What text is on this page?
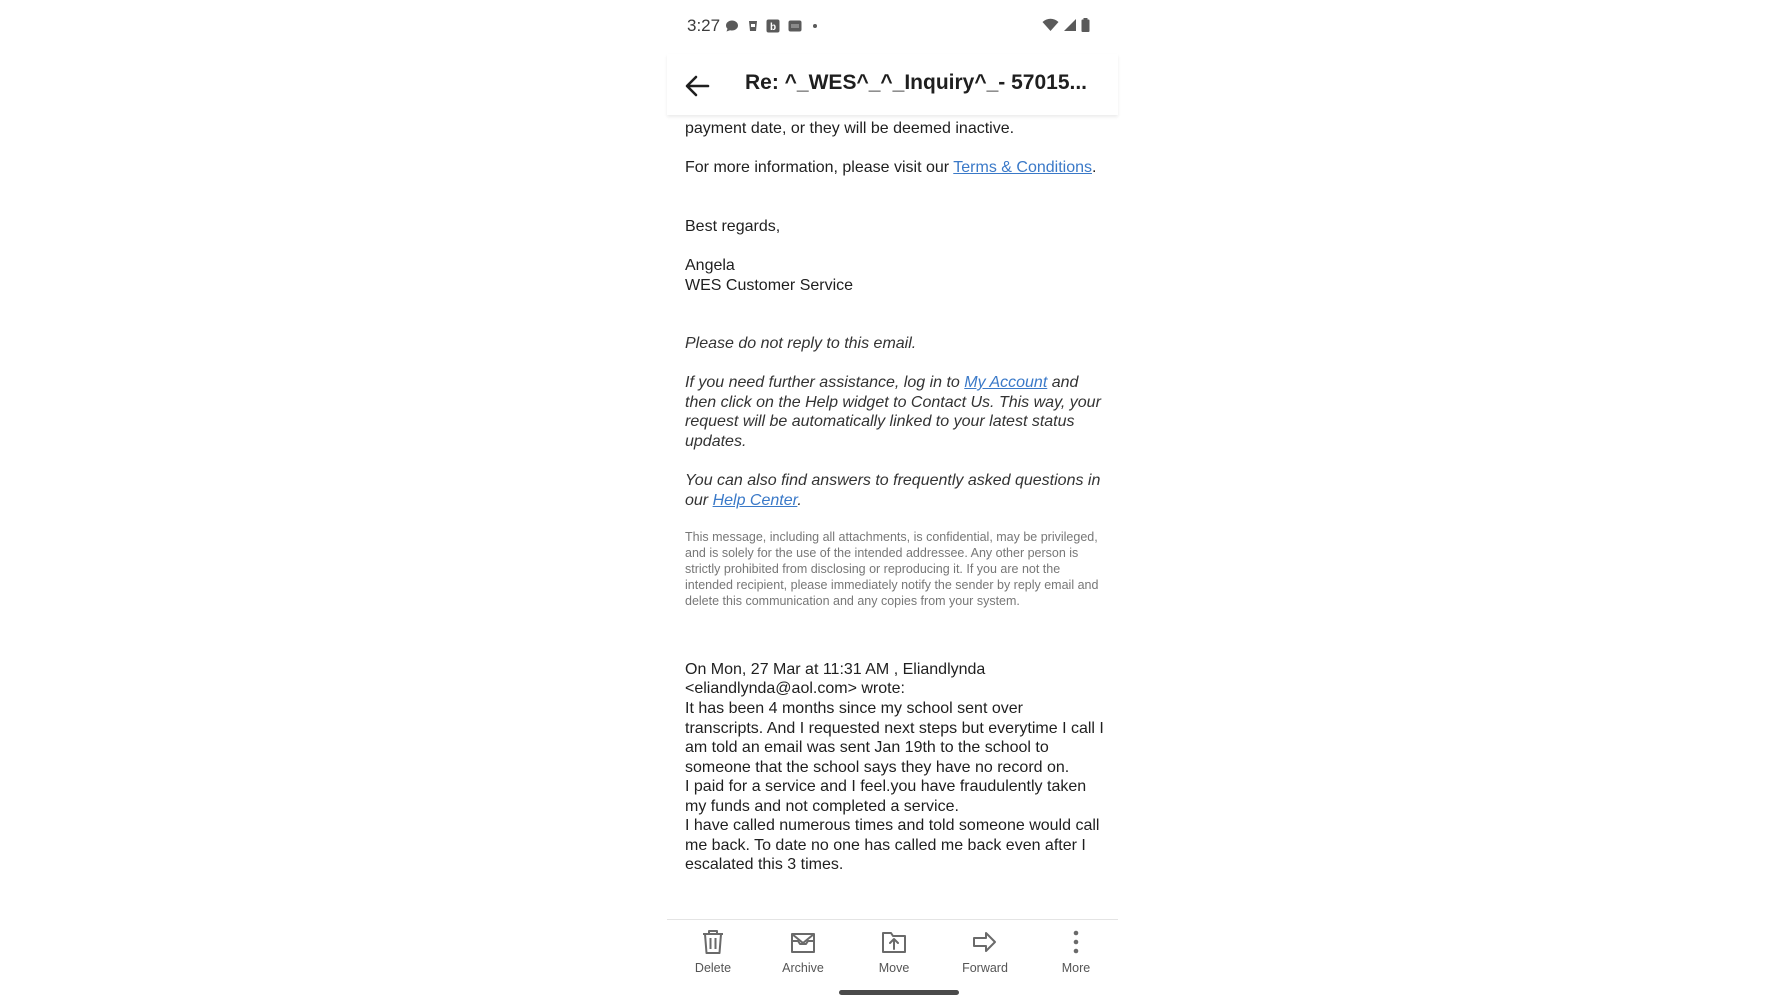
3:27	b
Re: ^_WES^_^_Inquiry^_- 57015...

payment date, or they will be deemed inactive.

For more information, please visit our Terms & Conditions.

Best regards,

Angela

WES Customer Service

Please do not reply to this email.

If you need further assistance, log in to My Account and then click on the Help widget to Contact Us. This way, your request will be automatically linked to your latest status updates.

You can also find answers to frequently asked questions in our Help Center.

This message, including all attachments, is confidential, may be privileged, and is solely for the use of the intended addressee. Any other person is strictly prohibited from disclosing or reproducing it. If you are not the intended recipient, please immediately notify the sender by reply email and delete this communication and any copies from your system.

On Mon, 27 Mar at 11:31 AM , Eliandlynda

<eliandlynda@aol.com> wrote:

It has been 4 months since my school sent over transcripts. And I requested next steps but everytime I call I am told an email was sent Jan 19th to the school to someone that the school says they have no record on.

I paid for a service and I feel.you have fraudulently taken my funds and not completed a service.

I have called numerous times and told someone would call me back. To date no one has called me back even after I escalated this 3 times.

Delete	Archive	Move	Forward	More
